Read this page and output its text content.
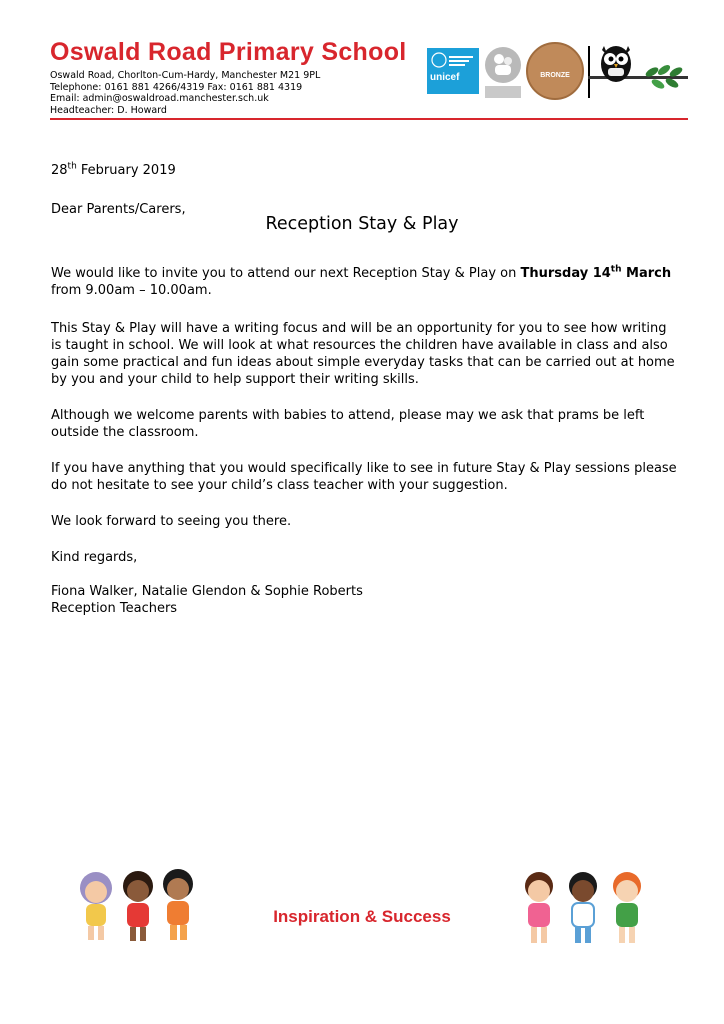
Oswald Road Primary School
Oswald Road, Chorlton-Cum-Hardy, Manchester M21 9PL
Telephone: 0161 881 4266/4319 Fax: 0161 881 4319
Email: admin@oswaldroad.manchester.sch.uk
Headteacher: D. Howard
unicef	BRONZE
28th February 2019
Dear Parents/Carers,
Reception Stay & Play
We would like to invite you to attend our next Reception Stay & Play on Thursday 14th March
from 9.00am – 10.00am.
This Stay & Play will have a writing focus and will be an opportunity for you to see how writing
is taught in school. We will look at what resources the children have available in class and also
gain some practical and fun ideas about simple everyday tasks that can be carried out at home
by you and your child to help support their writing skills.
Although we welcome parents with babies to attend, please may we ask that prams be left
outside the classroom.
If you have anything that you would specifically like to see in future Stay & Play sessions please
do not hesitate to see your child’s class teacher with your suggestion.
We look forward to seeing you there.
Kind regards,
Fiona Walker, Natalie Glendon & Sophie Roberts
Reception Teachers
Inspiration & Success
